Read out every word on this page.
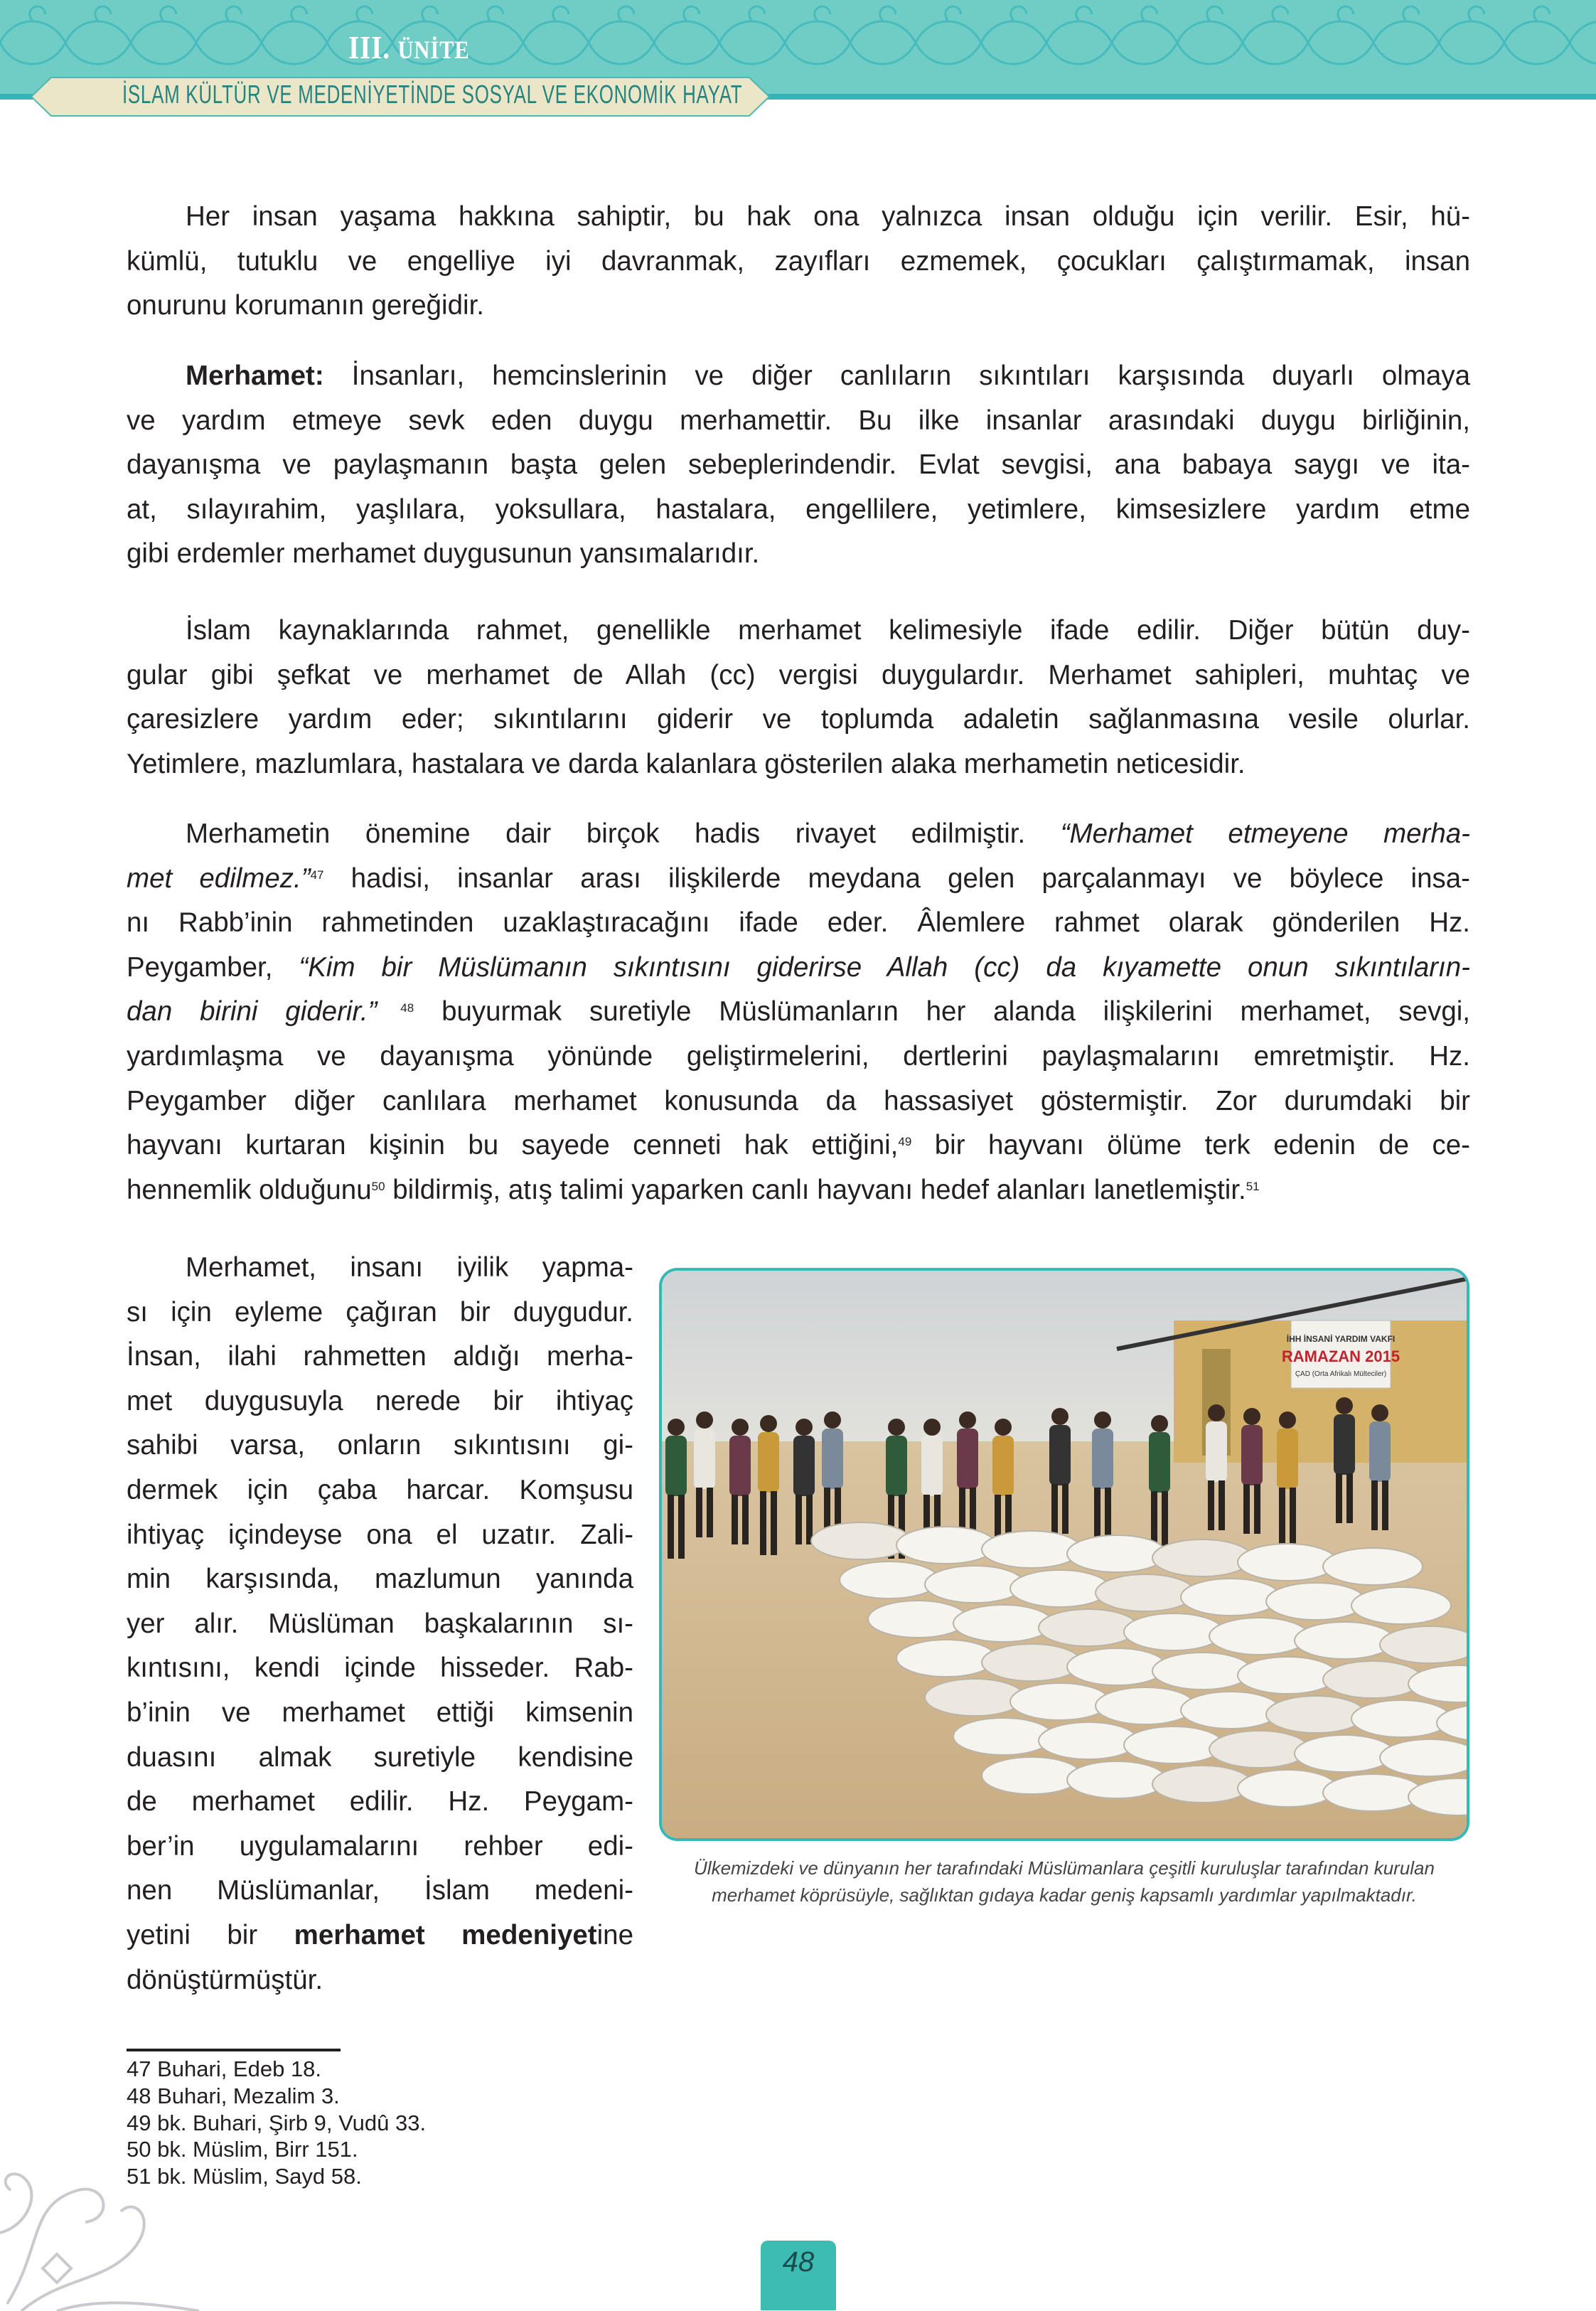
III. ÜNİTE
İSLAM KÜLTÜR VE MEDENİYETİNDE SOSYAL VE EKONOMİK HAYAT
Her insan yaşama hakkına sahiptir, bu hak ona yalnızca insan olduğu için verilir. Esir, hü-
kümlü, tutuklu ve engelliye iyi davranmak, zayıfları ezmemek, çocukları çalıştırmamak, insan
onurunu korumanın gereğidir.
Merhamet: İnsanları, hemcinslerinin ve diğer canlıların sıkıntıları karşısında duyarlı olmaya
ve yardım etmeye sevk eden duygu merhamettir. Bu ilke insanlar arasındaki duygu birliğinin,
dayanışma ve paylaşmanın başta gelen sebeplerindendir. Evlat sevgisi, ana babaya saygı ve ita-
at, sılayırahim, yaşlılara, yoksullara, hastalara, engellilere, yetimlere, kimsesizlere yardım etme
gibi erdemler merhamet duygusunun yansımalarıdır.
İslam kaynaklarında rahmet, genellikle merhamet kelimesiyle ifade edilir. Diğer bütün duy-
gular gibi şefkat ve merhamet de Allah (cc) vergisi duygulardır. Merhamet sahipleri, muhtaç ve
çaresizlere yardım eder; sıkıntılarını giderir ve toplumda adaletin sağlanmasına vesile olurlar.
Yetimlere, mazlumlara, hastalara ve darda kalanlara gösterilen alaka merhametin neticesidir.
Merhametin önemine dair birçok hadis rivayet edilmiştir. “Merhamet etmeyene merha-
met edilmez.”$^{47}$ hadisi, insanlar arası ilişkilerde meydana gelen parçalanmayı ve böylece insa-
nı Rabb’inin rahmetinden uzaklaştıracağını ifade eder. Âlemlere rahmet olarak gönderilen Hz.
Peygamber, “Kim bir Müslümanın sıkıntısını giderirse Allah (cc) da kıyamette onun sıkıntıların-
dan birini giderir.” $^{48}$ buyurmak suretiyle Müslümanların her alanda ilişkilerini merhamet, sevgi,
yardımlaşma ve dayanışma yönünde geliştirmelerini, dertlerini paylaşmalarını emretmiştir. Hz.
Peygamber diğer canlılara merhamet konusunda da hassasiyet göstermiştir. Zor durumdaki bir
hayvanı kurtaran kişinin bu sayede cenneti hak ettiğini,$^{49}$ bir hayvanı ölüme terk edenin de ce-
hennemlik olduğunu$^{50}$ bildirmiş, atış talimi yaparken canlı hayvanı hedef alanları lanetlemiştir.$^{51}$
Merhamet, insanı iyilik yapma-
sı için eyleme çağıran bir duygudur.
İnsan, ilahi rahmetten aldığı merha-
met duygusuyla nerede bir ihtiyaç
sahibi varsa, onların sıkıntısını gi-
dermek için çaba harcar. Komşusu
ihtiyaç içindeyse ona el uzatır. Zali-
min karşısında, mazlumun yanında
yer alır. Müslüman başkalarının sı-
kıntısını, kendi içinde hisseder. Rab-
b’inin ve merhamet ettiği kimsenin
duasını almak suretiyle kendisine
de merhamet edilir. Hz. Peygam-
ber’in uygulamalarını rehber edi-
nen Müslümanlar, İslam medeni-
yetini bir merhamet medeniyetine
dönüştürmüştür.
İHH İNSANİ YARDIM VAKFI
RAMAZAN 2015
ÇAD (Orta Afrikalı Mülteciler)
Ülkemizdeki ve dünyanın her tarafındaki Müslümanlara çeşitli kuruluşlar tarafından kurulan
merhamet köprüsüyle, sağlıktan gıdaya kadar geniş kapsamlı yardımlar yapılmaktadır.
47 Buhari, Edeb 18.
48 Buhari, Mezalim 3.
49 bk. Buhari, Şirb 9, Vudû 33.
50 bk. Müslim, Birr 151.
51 bk. Müslim, Sayd 58.
48
